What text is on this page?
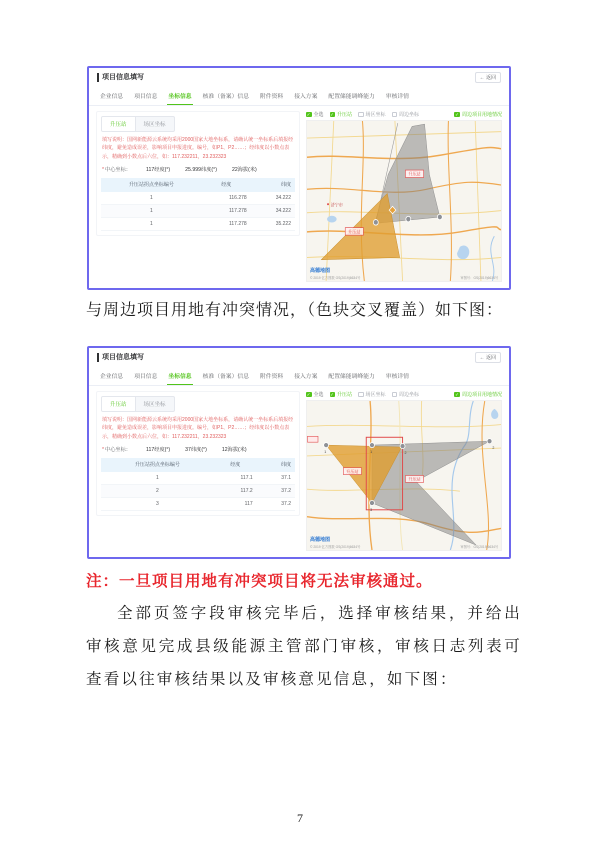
项目信息填写	← 返回
企业信息 项目信息 坐标信息 核准（备案）信息 附件资料 接入方案 配置储能调峰能力 审核详情
升压站	场区坐标
填写说明：国网新能源云系统均采用2000国家大地坐标系，请确认统一坐标系后填报经纬度，避免造成误差，影响项目申报进度。编号，如P1、P2……；经纬度以小数点表示，精确到小数点后六位，如：117.232211，23.232323
*中心坐标：	117经度(°)	25.999纬度(°)	22海拔(米)
升压站拐点坐标编号	经度	纬度
1	116.278	34.222
1	117.278	34.222
1	117.278	35.222
✓
全选 ✓	升压站	场区坐标	周边坐标 ✓	周边项目用地情况
升压站
升压站
济宁市
高德地图
© 2019 亿方图数 GS(2019)6634号	审图号：GS(2019)6634号
与周边项目用地有冲突情况，（色块交叉覆盖）如下图：
项目信息填写	← 返回
企业信息 项目信息 坐标信息 核准（备案）信息 附件资料 接入方案 配置储能调峰能力 审核详情
升压站	场区坐标
填写说明：国网新能源云系统均采用2000国家大地坐标系，请确认统一坐标系后填报经纬度，避免造成误差，影响项目申报进度。编号，如P1、P2……；经纬度以小数点表示，精确到小数点后六位，如：117.232211，23.232323
*中心坐标：	117经度(°)	37纬度(°)	12海拔(米)
升压站拐点坐标编号	经度	纬度
1	117.1	37.1
2	117.2	37.2
3	117	37.2
✓
全选 ✓	升压站	场区坐标	周边坐标 ✓	周边项目用地情况
1	1	2
2
3
升压站
升压站
高德地图
© 2019 亿方图数 GS(2019)6634号	审图号：GS(2019)6634号
注：一旦项目用地有冲突项目将无法审核通过。
全部页签字段审核完毕后，选择审核结果，并给出审核意见完成县级能源主管部门审核，审核日志列表可查看以往审核结果以及审核意见信息，如下图：
7
